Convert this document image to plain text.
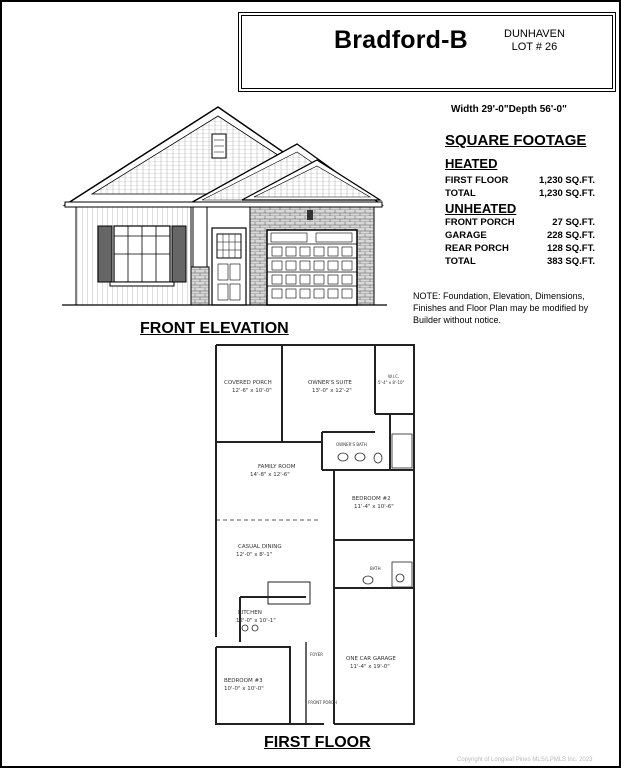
Bradford-B	DUNHAVEN
LOT # 26
Width 29'-0"Depth 56'-0"
SQUARE FOOTAGE
HEATED
FIRST FLOOR	1,230 SQ.FT.
TOTAL	1,230 SQ.FT.
UNHEATED
FRONT PORCH	27 SQ.FT.
GARAGE	228 SQ.FT.
REAR PORCH	128 SQ.FT.
TOTAL	383 SQ.FT.
NOTE: Foundation, Elevation, Dimensions, Finishes and Floor Plan may be modified by Builder without notice.
FRONT ELEVATION
COVERED PORCH
12'-6" x 10'-0"
OWNER'S SUITE
13'-0" x 12'-2"
W.I.C.
5'-4" x 8'-10"
OWNER'S BATH
FAMILY ROOM
14'-8" x 12'-6"
BEDROOM #2
11'-4" x 10'-6"
CASUAL DINING
12'-0" x 8'-1"
BATH
KITCHEN
12'-0" x 10'-1"
ONE CAR GARAGE
11'-4" x 19'-0"
BEDROOM #3
10'-0" x 10'-0"
FOYER
FRONT PORCH
FIRST FLOOR
Copyright of Longleaf Pines MLS/LPMLS Inc. 2023
